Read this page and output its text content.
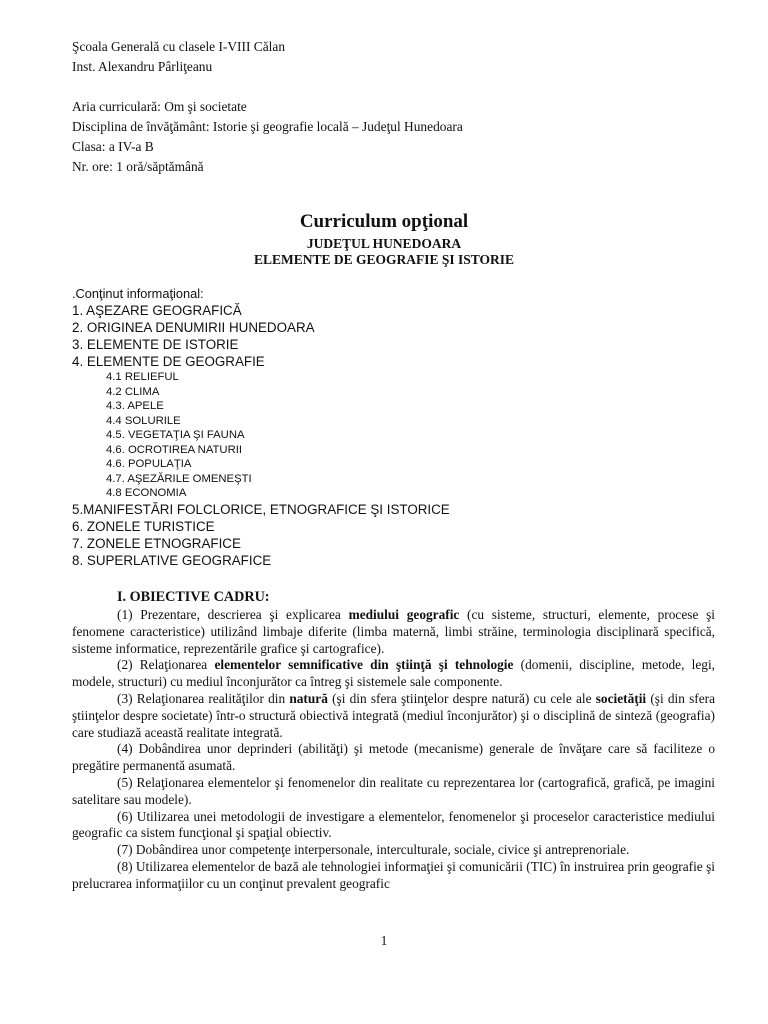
Şcoala Generală cu clasele I-VIII Călan
Inst. Alexandru Pârliţeanu
Aria curriculară: Om şi societate
Disciplina de învăţământ: Istorie şi geografie locală – Judeţul Hunedoara
Clasa: a IV-a B
Nr. ore: 1 oră/săptămână
Curriculum opţional
JUDEŢUL HUNEDOARA
ELEMENTE DE GEOGRAFIE ŞI ISTORIE
.Conţinut informaţional:
1. AŞEZARE GEOGRAFICĂ
2. ORIGINEA DENUMIRII HUNEDOARA
3. ELEMENTE DE ISTORIE
4. ELEMENTE DE GEOGRAFIE
4.1 RELIEFUL
4.2 CLIMA
4.3. APELE
4.4 SOLURILE
4.5. VEGETAŢIA ŞI FAUNA
4.6. OCROTIREA NATURII
4.6. POPULAŢIA
4.7. AŞEZĂRILE OMENEŞTI
4.8 ECONOMIA
5.MANIFESTĂRI FOLCLORICE, ETNOGRAFICE ŞI ISTORICE
6. ZONELE TURISTICE
7. ZONELE ETNOGRAFICE
8. SUPERLATIVE GEOGRAFICE
I. OBIECTIVE CADRU:

(1) Prezentare, descrierea şi explicarea mediului geografic (cu sisteme, structuri, elemente, procese şi fenomene caracteristice) utilizând limbaje diferite (limba maternă, limbi străine, terminologia disciplinară specifică, sisteme informatice, reprezentările grafice şi cartografice).

(2) Relaţionarea elementelor semnificative din ştiinţă şi tehnologie (domenii, discipline, metode, legi, modele, structuri) cu mediul înconjurător ca întreg şi sistemele sale componente.

(3) Relaţionarea realităţilor din natură (şi din sfera ştiinţelor despre natură) cu cele ale societăţii (şi din sfera ştiinţelor despre societate) într-o structură obiectivă integrată (mediul înconjurător) şi o disciplină de sinteză (geografia) care studiază această realitate integrată.

(4) Dobândirea unor deprinderi (abilităţi) şi metode (mecanisme) generale de învăţare care să faciliteze o pregătire permanentă asumată.

(5) Relaţionarea elementelor şi fenomenelor din realitate cu reprezentarea lor (cartografică, grafică, pe imagini satelitare sau modele).

(6) Utilizarea unei metodologii de investigare a elementelor, fenomenelor şi proceselor caracteristice mediului geografic ca sistem funcţional şi spaţial obiectiv.

(7) Dobândirea unor competenţe interpersonale, interculturale, sociale, civice şi antreprenoriale.

(8) Utilizarea elementelor de bază ale tehnologiei informaţiei şi comunicării (TIC) în instruirea prin geografie şi prelucrarea informaţiilor cu un conţinut prevalent geografic

1
